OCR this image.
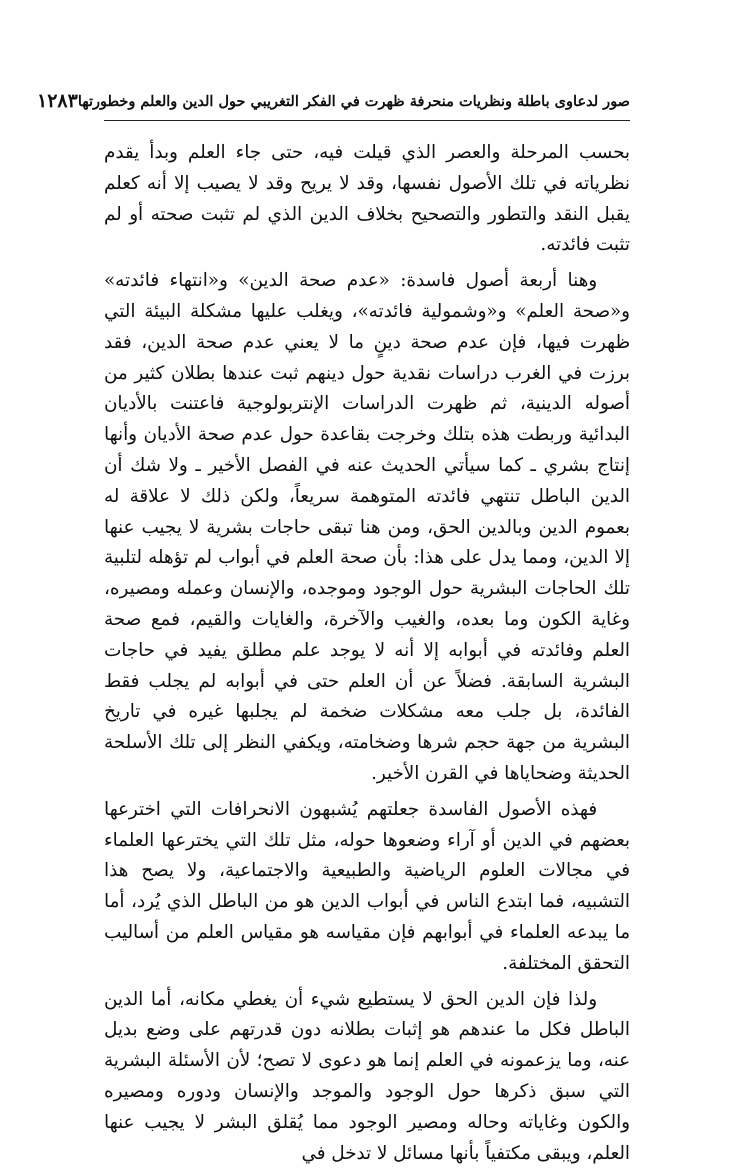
صور لدعاوى باطلة ونظريات منحرفة ظهرت في الفكر التغريبي حول الدين والعلم وخطورتها
١٢٨٣

بحسب المرحلة والعصر الذي قيلت فيه، حتى جاء العلم وبدأ يقدم نظرياته في تلك الأصول نفسها، وقد لا يريح وقد لا يصيب إلا أنه كعلم يقبل النقد والتطور والتصحيح بخلاف الدين الذي لم تثبت صحته أو لم تثبت فائدته.

وهنا أربعة أصول فاسدة: «عدم صحة الدين» و«انتهاء فائدته» و«صحة العلم» و«وشمولية فائدته»، ويغلب عليها مشكلة البيئة التي ظهرت فيها، فإن عدم صحة دينٍ ما لا يعني عدم صحة الدين، فقد برزت في الغرب دراسات نقدية حول دينهم ثبت عندها بطلان كثير من أصوله الدينية، ثم ظهرت الدراسات الإنتربولوجية فاعتنت بالأديان البدائية وربطت هذه بتلك وخرجت بقاعدة حول عدم صحة الأديان وأنها إنتاج بشري ـ كما سيأتي الحديث عنه في الفصل الأخير ـ ولا شك أن الدين الباطل تنتهي فائدته المتوهمة سريعاً، ولكن ذلك لا علاقة له بعموم الدين وبالدين الحق، ومن هنا تبقى حاجات بشرية لا يجيب عنها إلا الدين، ومما يدل على هذا: بأن صحة العلم في أبواب لم تؤهله لتلبية تلك الحاجات البشرية حول الوجود وموجده، والإنسان وعمله ومصيره، وغاية الكون وما بعده، والغيب والآخرة، والغايات والقيم، فمع صحة العلم وفائدته في أبوابه إلا أنه لا يوجد علم مطلق يفيد في حاجات البشرية السابقة. فضلاً عن أن العلم حتى في أبوابه لم يجلب فقط الفائدة، بل جلب معه مشكلات ضخمة لم يجلبها غيره في تاريخ البشرية من جهة حجم شرها وضخامته، ويكفي النظر إلى تلك الأسلحة الحديثة وضحاياها في القرن الأخير.

فهذه الأصول الفاسدة جعلتهم يُشبهون الانحرافات التي اخترعها بعضهم في الدين أو آراء وضعوها حوله، مثل تلك التي يخترعها العلماء في مجالات العلوم الرياضية والطبيعية والاجتماعية، ولا يصح هذا التشبيه، فما ابتدع الناس في أبواب الدين هو من الباطل الذي يُرد، أما ما يبدعه العلماء في أبوابهم فإن مقياسه هو مقياس العلم من أساليب التحقق المختلفة.

ولذا فإن الدين الحق لا يستطيع شيء أن يغطي مكانه، أما الدين الباطل فكل ما عندهم هو إثبات بطلانه دون قدرتهم على وضع بديل عنه، وما يزعمونه في العلم إنما هو دعوى لا تصح؛ لأن الأسئلة البشرية التي سبق ذكرها حول الوجود والموجد والإنسان ودوره ومصيره والكون وغاياته وحاله ومصير الوجود مما يُقلق البشر لا يجيب عنها العلم، ويبقى مكتفياً بأنها مسائل لا تدخل في
